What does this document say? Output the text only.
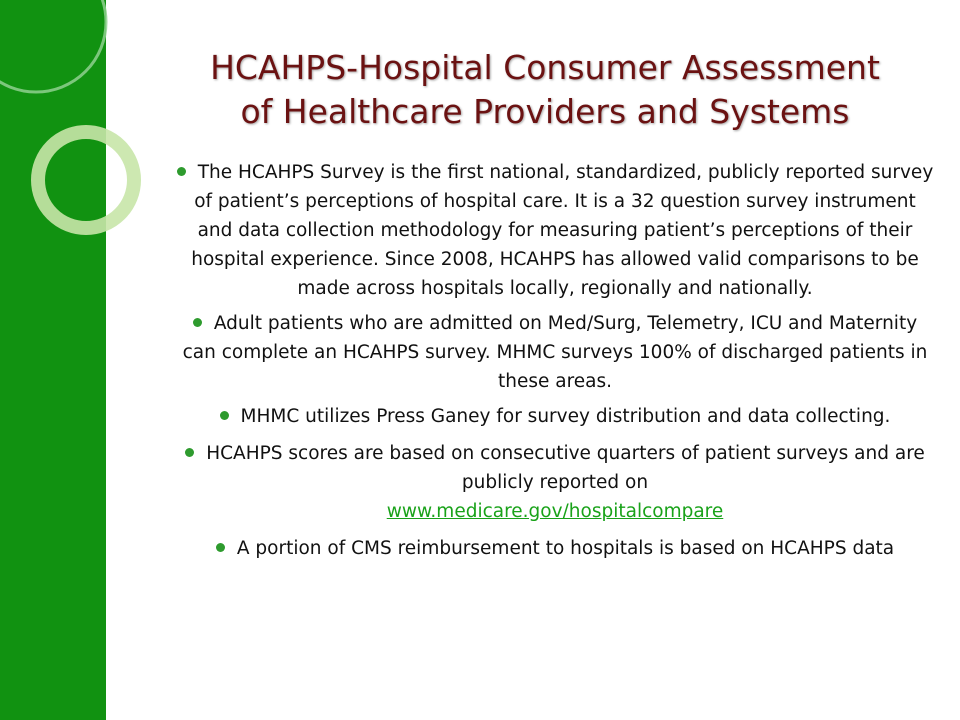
HCAHPS-Hospital Consumer Assessment
of Healthcare Providers and Systems
The HCAHPS Survey is the first national, standardized, publicly reported survey of patient’s perceptions of hospital care. It is a 32 question survey instrument and data collection methodology for measuring patient’s perceptions of their hospital experience. Since 2008, HCAHPS has allowed valid comparisons to be made across hospitals locally, regionally and nationally.
Adult patients who are admitted on Med/Surg, Telemetry, ICU and Maternity can complete an HCAHPS survey. MHMC surveys 100% of discharged patients in these areas.
MHMC utilizes Press Ganey for survey distribution and data collecting.
HCAHPS scores are based on consecutive quarters of patient surveys and are publicly reported on
www.medicare.gov/hospitalcompare
A portion of CMS reimbursement to hospitals is based on HCAHPS data
